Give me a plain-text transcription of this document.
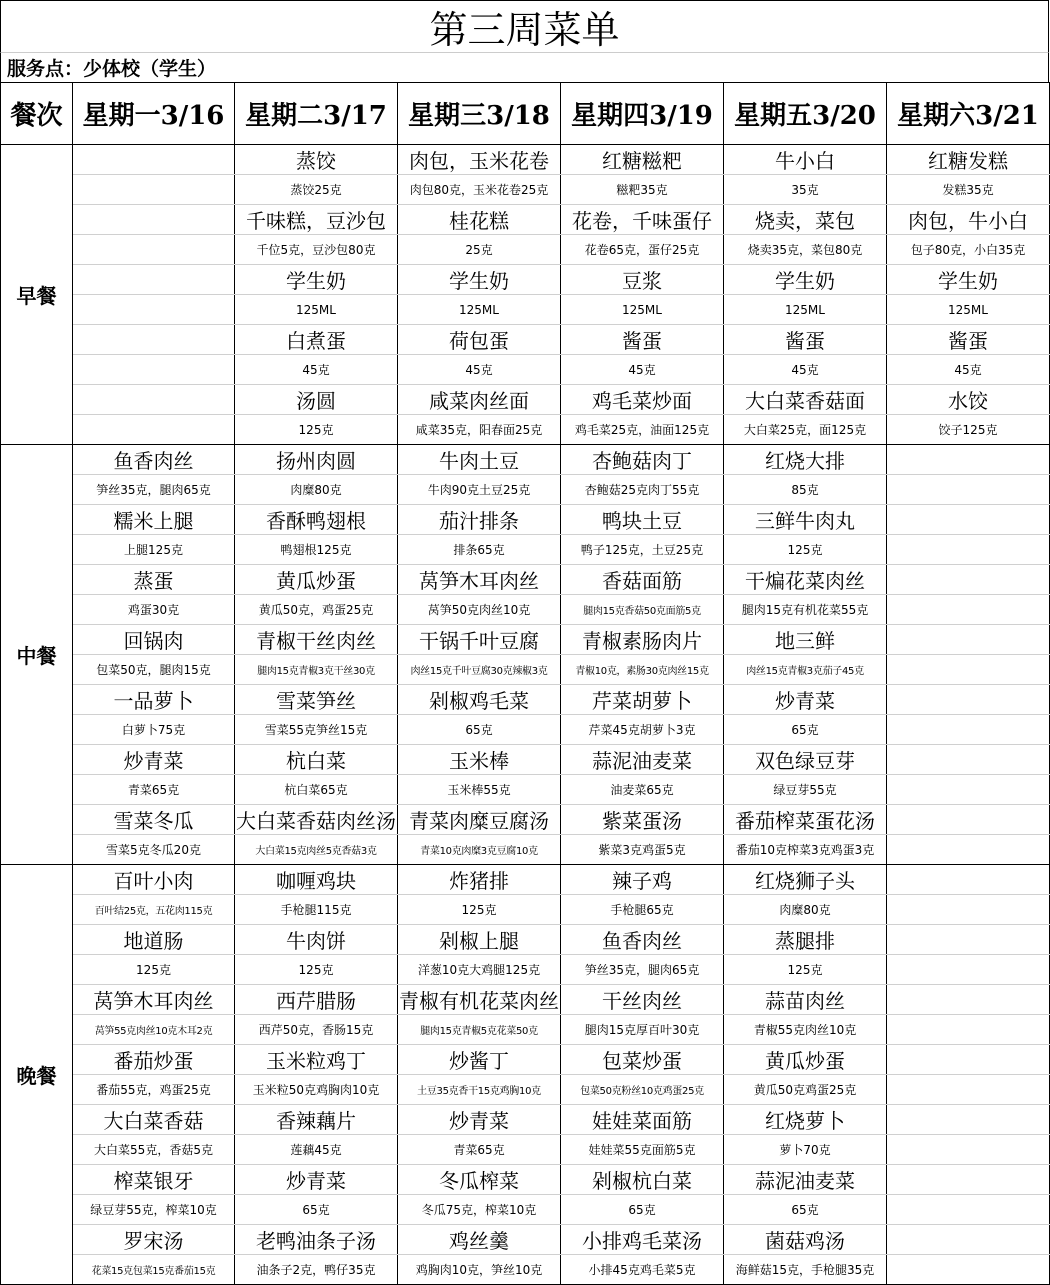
第三周菜单
服务点：少体校（学生）
餐次	星期一3/16	星期二3/17	星期三3/18	星期四3/19	星期五3/20	星期六3/21
早餐		蒸饺	肉包，玉米花卷	红糖糍粑	牛小白	红糖发糕
		蒸饺25克	肉包80克，玉米花卷25克	糍粑35克	35克	发糕35克
		千味糕，豆沙包	桂花糕	花卷，千味蛋仔	烧卖，菜包	肉包，牛小白
		千位5克，豆沙包80克	25克	花卷65克，蛋仔25克	烧卖35克，菜包80克	包子80克，小白35克
		学生奶	学生奶	豆浆	学生奶	学生奶
		125ML	125ML	125ML	125ML	125ML
		白煮蛋	荷包蛋	酱蛋	酱蛋	酱蛋
		45克	45克	45克	45克	45克
		汤圆	咸菜肉丝面	鸡毛菜炒面	大白菜香菇面	水饺
		125克	咸菜35克，阳春面25克	鸡毛菜25克，油面125克	大白菜25克，面125克	饺子125克
中餐	鱼香肉丝	扬州肉圆	牛肉土豆	杏鲍菇肉丁	红烧大排	
	笋丝35克，腿肉65克	肉糜80克	牛肉90克土豆25克	杏鲍菇25克肉丁55克	85克	
	糯米上腿	香酥鸭翅根	茄汁排条	鸭块土豆	三鲜牛肉丸	
	上腿125克	鸭翅根125克	排条65克	鸭子125克，土豆25克	125克	
	蒸蛋	黄瓜炒蛋	莴笋木耳肉丝	香菇面筋	干煸花菜肉丝	
	鸡蛋30克	黄瓜50克，鸡蛋25克	莴笋50克肉丝10克	腿肉15克香菇50克面筋5克	腿肉15克有机花菜55克	
	回锅肉	青椒干丝肉丝	干锅千叶豆腐	青椒素肠肉片	地三鲜	
	包菜50克，腿肉15克	腿肉15克青椒3克干丝30克	肉丝15克千叶豆腐30克辣椒3克	青椒10克，素肠30克肉丝15克	肉丝15克青椒3克茄子45克	
	一品萝卜	雪菜笋丝	剁椒鸡毛菜	芹菜胡萝卜	炒青菜	
	白萝卜75克	雪菜55克笋丝15克	65克	芹菜45克胡萝卜3克	65克	
	炒青菜	杭白菜	玉米棒	蒜泥油麦菜	双色绿豆芽	
	青菜65克	杭白菜65克	玉米棒55克	油麦菜65克	绿豆芽55克	
	雪菜冬瓜	大白菜香菇肉丝汤	青菜肉糜豆腐汤	紫菜蛋汤	番茄榨菜蛋花汤	
	雪菜5克冬瓜20克	大白菜15克肉丝5克香菇3克	青菜10克肉糜3克豆腐10克	紫菜3克鸡蛋5克	番茄10克榨菜3克鸡蛋3克	
晚餐	百叶小肉	咖喱鸡块	炸猪排	辣子鸡	红烧狮子头	
	百叶结25克，五花肉115克	手枪腿115克	125克	手枪腿65克	肉糜80克	
	地道肠	牛肉饼	剁椒上腿	鱼香肉丝	蒸腿排	
	125克	125克	洋葱10克大鸡腿125克	笋丝35克，腿肉65克	125克	
	莴笋木耳肉丝	西芹腊肠	青椒有机花菜肉丝	干丝肉丝	蒜苗肉丝	
	莴笋55克肉丝10克木耳2克	西芹50克，香肠15克	腿肉15克青椒5克花菜50克	腿肉15克厚百叶30克	青椒55克肉丝10克	
	番茄炒蛋	玉米粒鸡丁	炒酱丁	包菜炒蛋	黄瓜炒蛋	
	番茄55克，鸡蛋25克	玉米粒50克鸡胸肉10克	土豆35克香干15克鸡胸10克	包菜50克粉丝10克鸡蛋25克	黄瓜50克鸡蛋25克	
	大白菜香菇	香辣藕片	炒青菜	娃娃菜面筋	红烧萝卜	
	大白菜55克，香菇5克	莲藕45克	青菜65克	娃娃菜55克面筋5克	萝卜70克	
	榨菜银牙	炒青菜	冬瓜榨菜	剁椒杭白菜	蒜泥油麦菜	
	绿豆芽55克，榨菜10克	65克	冬瓜75克，榨菜10克	65克	65克	
	罗宋汤	老鸭油条子汤	鸡丝羹	小排鸡毛菜汤	菌菇鸡汤	
	花菜15克包菜15克番茄15克	油条子2克，鸭仔35克	鸡胸肉10克，笋丝10克	小排45克鸡毛菜5克	海鲜菇15克，手枪腿35克	
